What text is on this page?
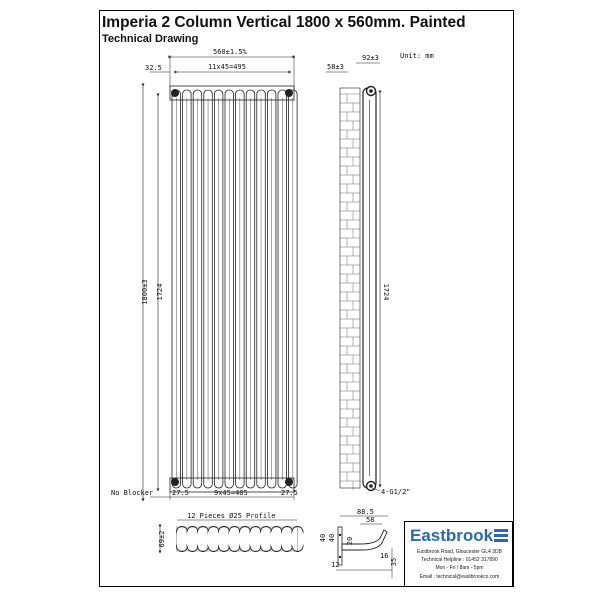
Imperia 2 Column Vertical 1800 x 560mm. Painted
Technical Drawing
560±1.5%
32.5	11x45=495
1800±3 1724
No Blocker	27.5	9x45=405	27.5
Unit: mm
58±3
92±3
1724
4-G1/2"
12 Pieces Ø25 Profile
69±2
88.5
58
40 40 20
12
16
35
Eastbrook
Eastbrook Road, Gloucester GL4 3DB
Technical Helpline : 01452 317890
Mon - Fri / 8am - 5pm
Email : technical@eastbrookco.com
